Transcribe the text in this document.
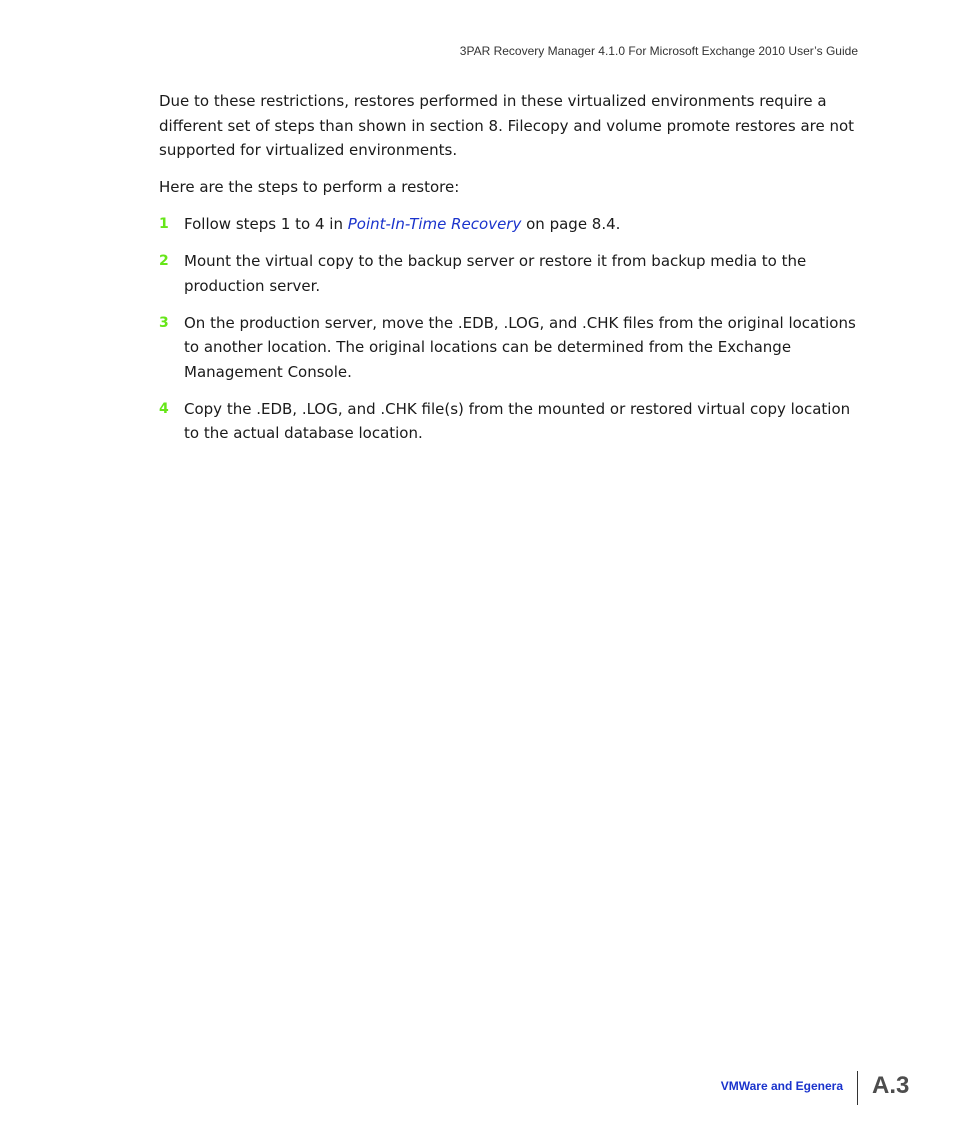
3PAR Recovery Manager 4.1.0 For Microsoft Exchange 2010 User’s Guide

Due to these restrictions, restores performed in these virtualized environments require a different set of steps than shown in section 8. Filecopy and volume promote restores are not supported for virtualized environments.

Here are the steps to perform a restore:

1 Follow steps 1 to 4 in Point-In-Time Recovery on page 8.4.
2 Mount the virtual copy to the backup server or restore it from backup media to the production server.
3 On the production server, move the .EDB, .LOG, and .CHK files from the original locations to another location. The original locations can be determined from the Exchange Management Console.
4 Copy the .EDB, .LOG, and .CHK file(s) from the mounted or restored virtual copy location to the actual database location.
VMWare and Egenera A.3
